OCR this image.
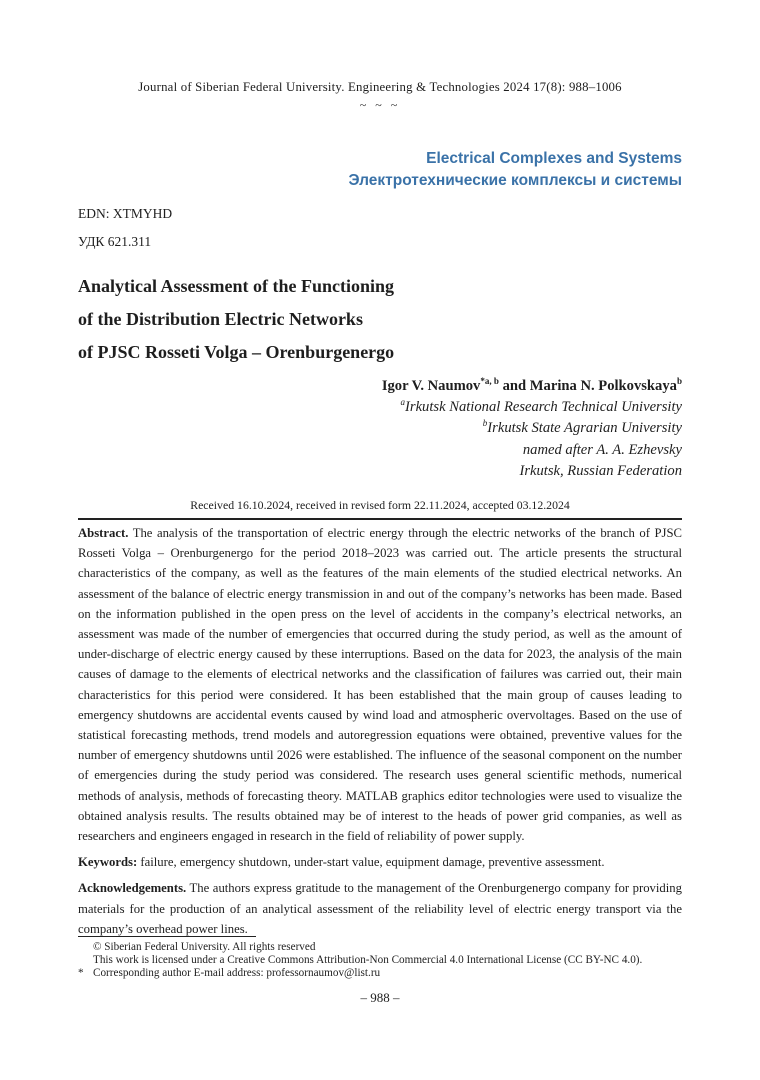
Journal of Siberian Federal University. Engineering & Technologies 2024 17(8): 988–1006
~ ~ ~
Electrical Complexes and Systems
Электротехнические комплексы и системы
EDN: XTMYHD
УДК 621.311
Analytical Assessment of the Functioning
of the Distribution Electric Networks
of PJSC Rosseti Volga – Orenburgenergo
Igor V. Naumov$^{*a, b}$ and Marina N. Polkovskaya$^b$
$^a$Irkutsk National Research Technical University
$^b$Irkutsk State Agrarian University
named after A. A. Ezhevsky
Irkutsk, Russian Federation
Received 16.10.2024, received in revised form 22.11.2024, accepted 03.12.2024

Abstract. The analysis of the transportation of electric energy through the electric networks of the branch of PJSC Rosseti Volga – Orenburgenergo for the period 2018–2023 was carried out. The article presents the structural characteristics of the company, as well as the features of the main elements of the studied electrical networks. An assessment of the balance of electric energy transmission in and out of the company’s networks has been made. Based on the information published in the open press on the level of accidents in the company’s electrical networks, an assessment was made of the number of emergencies that occurred during the study period, as well as the amount of under-discharge of electric energy caused by these interruptions. Based on the data for 2023, the analysis of the main causes of damage to the elements of electrical networks and the classification of failures was carried out, their main characteristics for this period were considered. It has been established that the main group of causes leading to emergency shutdowns are accidental events caused by wind load and atmospheric overvoltages. Based on the use of statistical forecasting methods, trend models and autoregression equations were obtained, preventive values for the number of emergency shutdowns until 2026 were established. The influence of the seasonal component on the number of emergencies during the study period was considered. The research uses general scientific methods, numerical methods of analysis, methods of forecasting theory. MATLAB graphics editor technologies were used to visualize the obtained analysis results. The results obtained may be of interest to the heads of power grid companies, as well as researchers and engineers engaged in research in the field of reliability of power supply.

Keywords: failure, emergency shutdown, under-start value, equipment damage, preventive assessment.

Acknowledgements. The authors express gratitude to the management of the Orenburgenergo company for providing materials for the production of an analytical assessment of the reliability level of electric energy transport via the company’s overhead power lines.

© Siberian Federal University. All rights reserved
This work is licensed under a Creative Commons Attribution-Non Commercial 4.0 International License (CC BY-NC 4.0).
* Corresponding author E-mail address: professornaumov@list.ru
– 988 –
